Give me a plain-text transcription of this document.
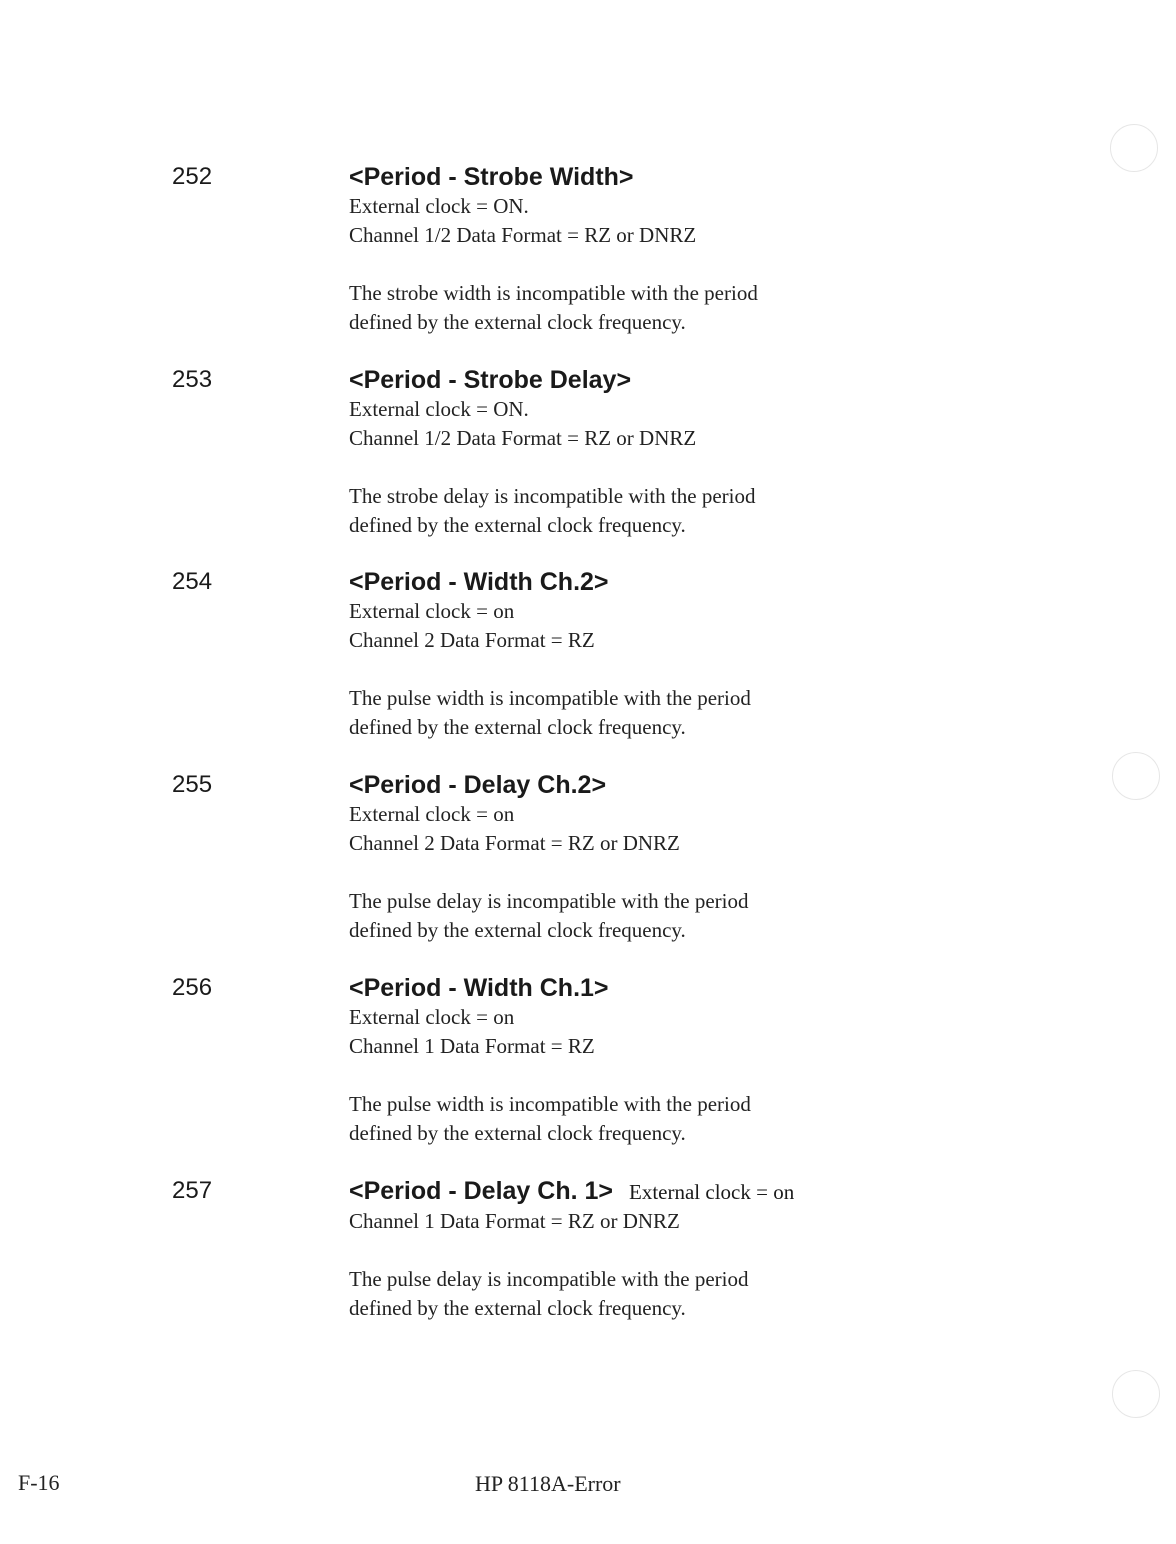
252	<Period - Strobe Width>
External clock = ON.
Channel 1/2 Data Format = RZ or DNRZ
The strobe width is incompatible with the period
defined by the external clock frequency.
253	<Period - Strobe Delay>
External clock = ON.
Channel 1/2 Data Format = RZ or DNRZ
The strobe delay is incompatible with the period
defined by the external clock frequency.
254	<Period - Width Ch.2>
External clock = on
Channel 2 Data Format = RZ
The pulse width is incompatible with the period
defined by the external clock frequency.
255	<Period - Delay Ch.2>
External clock = on
Channel 2 Data Format = RZ or DNRZ
The pulse delay is incompatible with the period
defined by the external clock frequency.
256	<Period - Width Ch.1>
External clock = on
Channel 1 Data Format = RZ
The pulse width is incompatible with the period
defined by the external clock frequency.
257	<Period - Delay Ch. 1> External clock = on
Channel 1 Data Format = RZ or DNRZ
The pulse delay is incompatible with the period
defined by the external clock frequency.
F-16	HP 8118A-Error
